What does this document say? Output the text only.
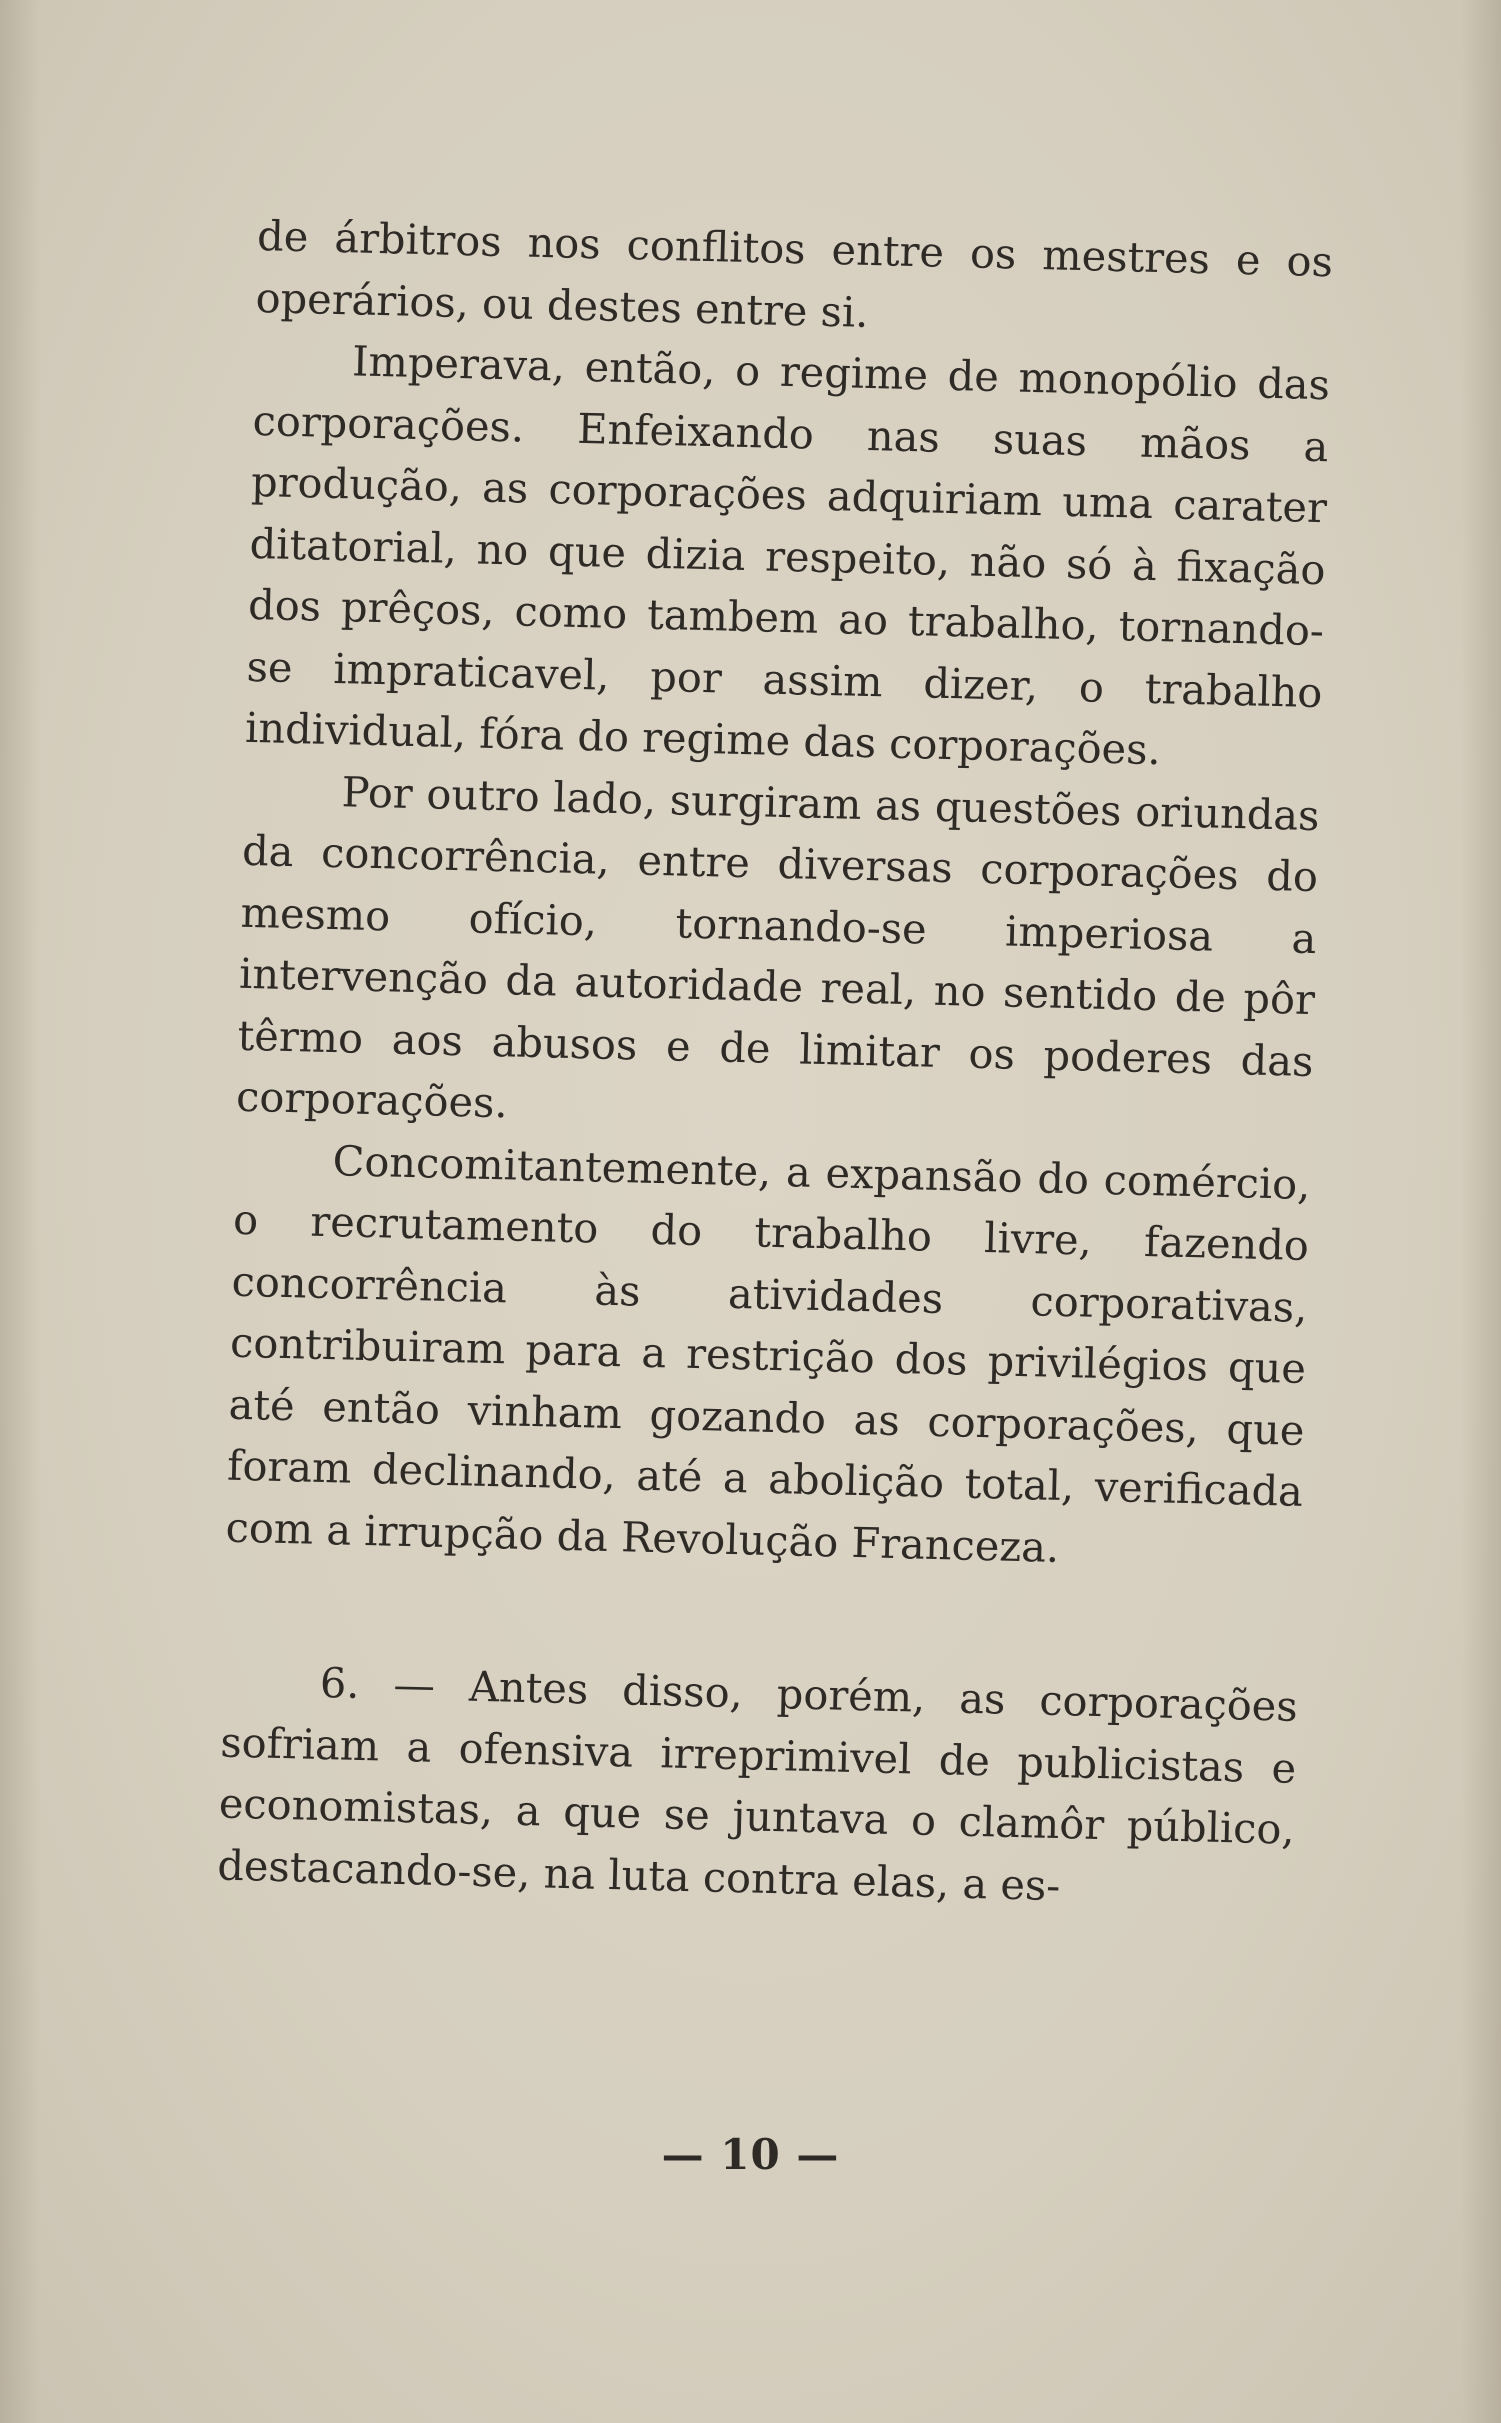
de árbitros nos conflitos entre os mestres e os operários, ou destes entre si.

Imperava, então, o regime de monopólio das corporações. Enfeixando nas suas mãos a produção, as corporações adquiriam uma carater ditatorial, no que dizia respeito, não só à fixação dos prêços, como tambem ao trabalho, tornando-se impraticavel, por assim dizer, o trabalho individual, fóra do regime das corporações.

Por outro lado, surgiram as questões oriundas da concorrência, entre diversas corporações do mesmo ofício, tornando-se imperiosa a intervenção da autoridade real, no sentido de pôr têrmo aos abusos e de limitar os poderes das corporações.

Concomitantemente, a expansão do comércio, o recrutamento do trabalho livre, fazendo concorrência às atividades corporativas, contribuiram para a restrição dos privilégios que até então vinham gozando as corporações, que foram declinando, até a abolição total, verificada com a irrupção da Revolução Franceza.

6. — Antes disso, porém, as corporações sofriam a ofensiva irreprimivel de publicistas e economistas, a que se juntava o clamôr público, destacando-se, na luta contra elas, a es-

— 10 —
